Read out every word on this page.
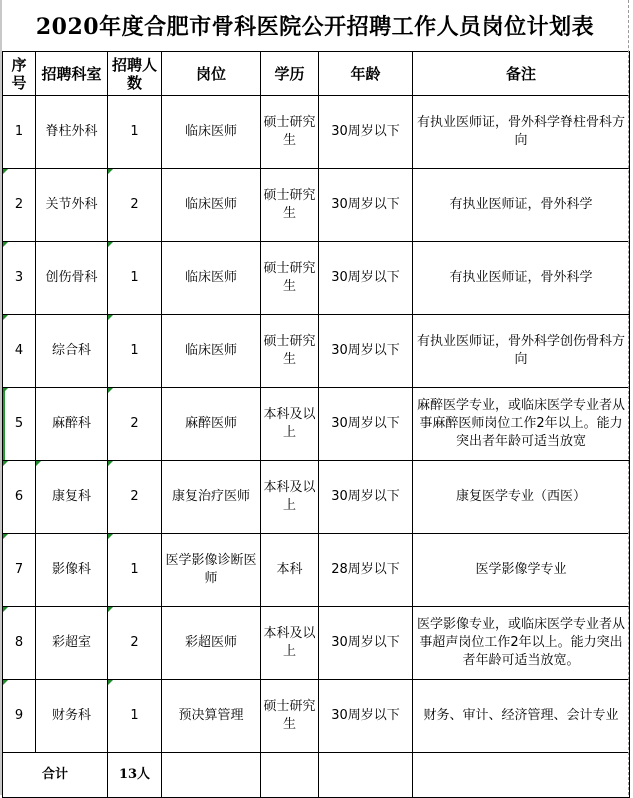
2020年度合肥市骨科医院公开招聘工作人员岗位计划表
序号	招聘科室	招聘人数	岗位	学历	年龄	备注
1	脊柱外科	1	临床医师	硕士研究生	30周岁以下	有执业医师证，骨外科学脊柱骨科方向

2	关节外科	2	临床医师	硕士研究生	30周岁以下	有执业医师证，骨外科学

3	创伤骨科	1	临床医师	硕士研究生	30周岁以下	有执业医师证，骨外科学

4	综合科	1	临床医师	硕士研究生	30周岁以下	有执业医师证，骨外科学创伤骨科方向

5	麻醉科	2	麻醉医师	本科及以上	30周岁以下	麻醉医学专业，或临床医学专业者从事麻醉医师岗位工作2年以上。能力突出者年龄可适当放宽

6	康复科	2	康复治疗医师	本科及以上	30周岁以下	康复医学专业（西医）

7	影像科	1	医学影像诊断医师	本科	28周岁以下	医学影像学专业

8	彩超室	2	彩超医师	本科及以上	30周岁以下	医学影像专业，或临床医学专业者从事超声岗位工作2年以上。能力突出者年龄可适当放宽。

9	财务科	1	预决算管理	硕士研究生	30周岁以下	财务、审计、经济管理、会计专业
合计		13人				
